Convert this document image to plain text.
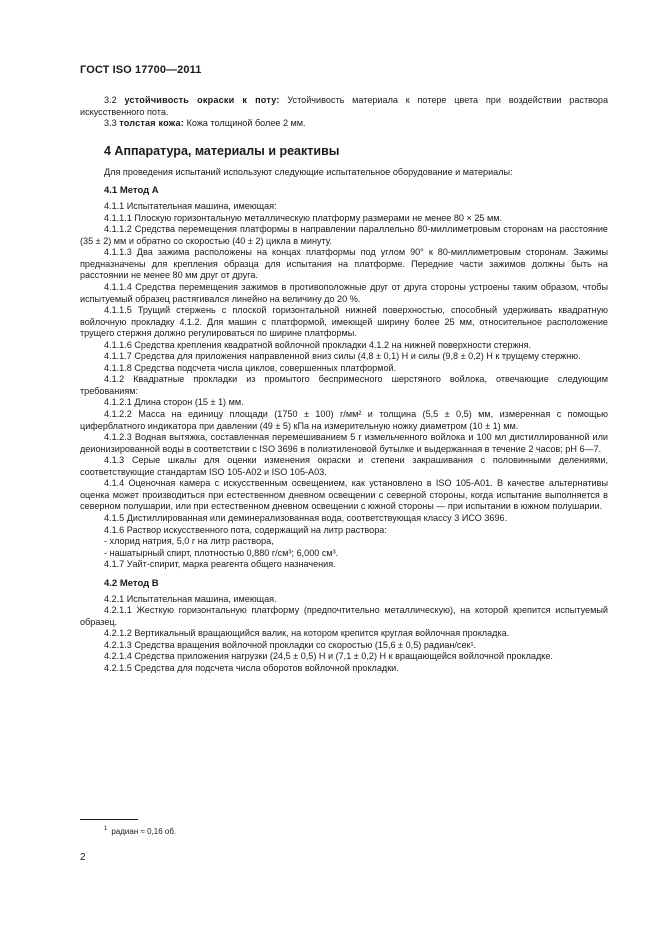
ГОСТ ISO 17700—2011

3.2 устойчивость окраски к поту: Устойчивость материала к потере цвета при воздействии раствора искусственного пота.

3.3 толстая кожа: Кожа толщиной более 2 мм.

4 Аппаратура, материалы и реактивы

Для проведения испытаний используют следующие испытательное оборудование и материалы:

4.1 Метод А

4.1.1 Испытательная машина, имеющая:

4.1.1.1 Плоскую горизонтальную металлическую платформу размерами не менее 80 × 25 мм.

4.1.1.2 Средства перемещения платформы в направлении параллельно 80-миллиметровым сторонам на расстояние (35 ± 2) мм и обратно со скоростью (40 ± 2) цикла в минуту.

4.1.1.3 Два зажима расположены на концах платформы под углом 90° к 80-миллиметровым сторонам. Зажимы предназначены для крепления образца для испытания на платформе. Передние части зажимов должны быть на расстоянии не менее 80 мм друг от друга.

4.1.1.4 Средства перемещения зажимов в противоположные друг от друга стороны устроены таким образом, чтобы испытуемый образец растягивался линейно на величину до 20 %.

4.1.1.5 Трущий стержень с плоской горизонтальной нижней поверхностью, способный удерживать квадратную войлочную прокладку 4.1.2. Для машин с платформой, имеющей ширину более 25 мм, относительное расположение трущего стержня должно регулироваться по ширине платформы.

4.1.1.6 Средства крепления квадратной войлочной прокладки 4.1.2 на нижней поверхности стержня.

4.1.1.7 Средства для приложения направленной вниз силы (4,8 ± 0,1) Н и силы (9,8 ± 0,2) Н к трущему стержню.

4.1.1.8 Средства подсчета числа циклов, совершенных платформой.

4.1.2 Квадратные прокладки из промытого беспримесного шерстяного войлока, отвечающие следующим требованиям:

4.1.2.1 Длина сторон (15 ± 1) мм.

4.1.2.2 Масса на единицу площади (1750 ± 100) г/мм² и толщина (5,5 ± 0,5) мм, измеренная с помощью циферблатного индикатора при давлении (49 ± 5) кПа на измерительную ножку диаметром (10 ± 1) мм.

4.1.2.3 Водная вытяжка, составленная перемешиванием 5 г измельченного войлока и 100 мл дистиллированной или деионизированной воды в соответствии с ISO 3696 в полиэтиленовой бутылке и выдержанная в течение 2 часов; pH 6—7.

4.1.3 Серые шкалы для оценки изменения окраски и степени закрашивания с половинными делениями, соответствующие стандартам ISO 105-A02 и ISO 105-A03.

4.1.4 Оценочная камера с искусственным освещением, как установлено в ISO 105-A01. В качестве альтернативы оценка может производиться при естественном дневном освещении с северной стороны, когда испытание выполняется в северном полушарии, или при естественном дневном освещении с южной стороны — при испытании в южном полушарии.

4.1.5 Дистиллированная или деминерализованная вода, соответствующая классу 3 ИСО 3696.

4.1.6 Раствор искусственного пота, содержащий на литр раствора:

- хлорид натрия, 5,0 г на литр раствора,

- нашатырный спирт, плотностью 0,880 г/см³; 6,000 см³.

4.1.7 Уайт-спирит, марка реагента общего назначения.

4.2 Метод В

4.2.1 Испытательная машина, имеющая.

4.2.1.1 Жесткую горизонтальную платформу (предпочтительно металлическую), на которой крепится испытуемый образец.

4.2.1.2 Вертикальный вращающийся валик, на котором крепится круглая войлочная прокладка.

4.2.1.3 Средства вращения войлочной прокладки со скоростью (15,6 ± 0,5) радиан/сек¹.

4.2.1.4 Средства приложения нагрузки (24,5 ± 0,5) Н и (7,1 ± 0,2) Н к вращающейся войлочной прокладке.

4.2.1.5 Средства для подсчета числа оборотов войлочной прокладки.

$^1$ радиан ≈ 0,16 об.
2
